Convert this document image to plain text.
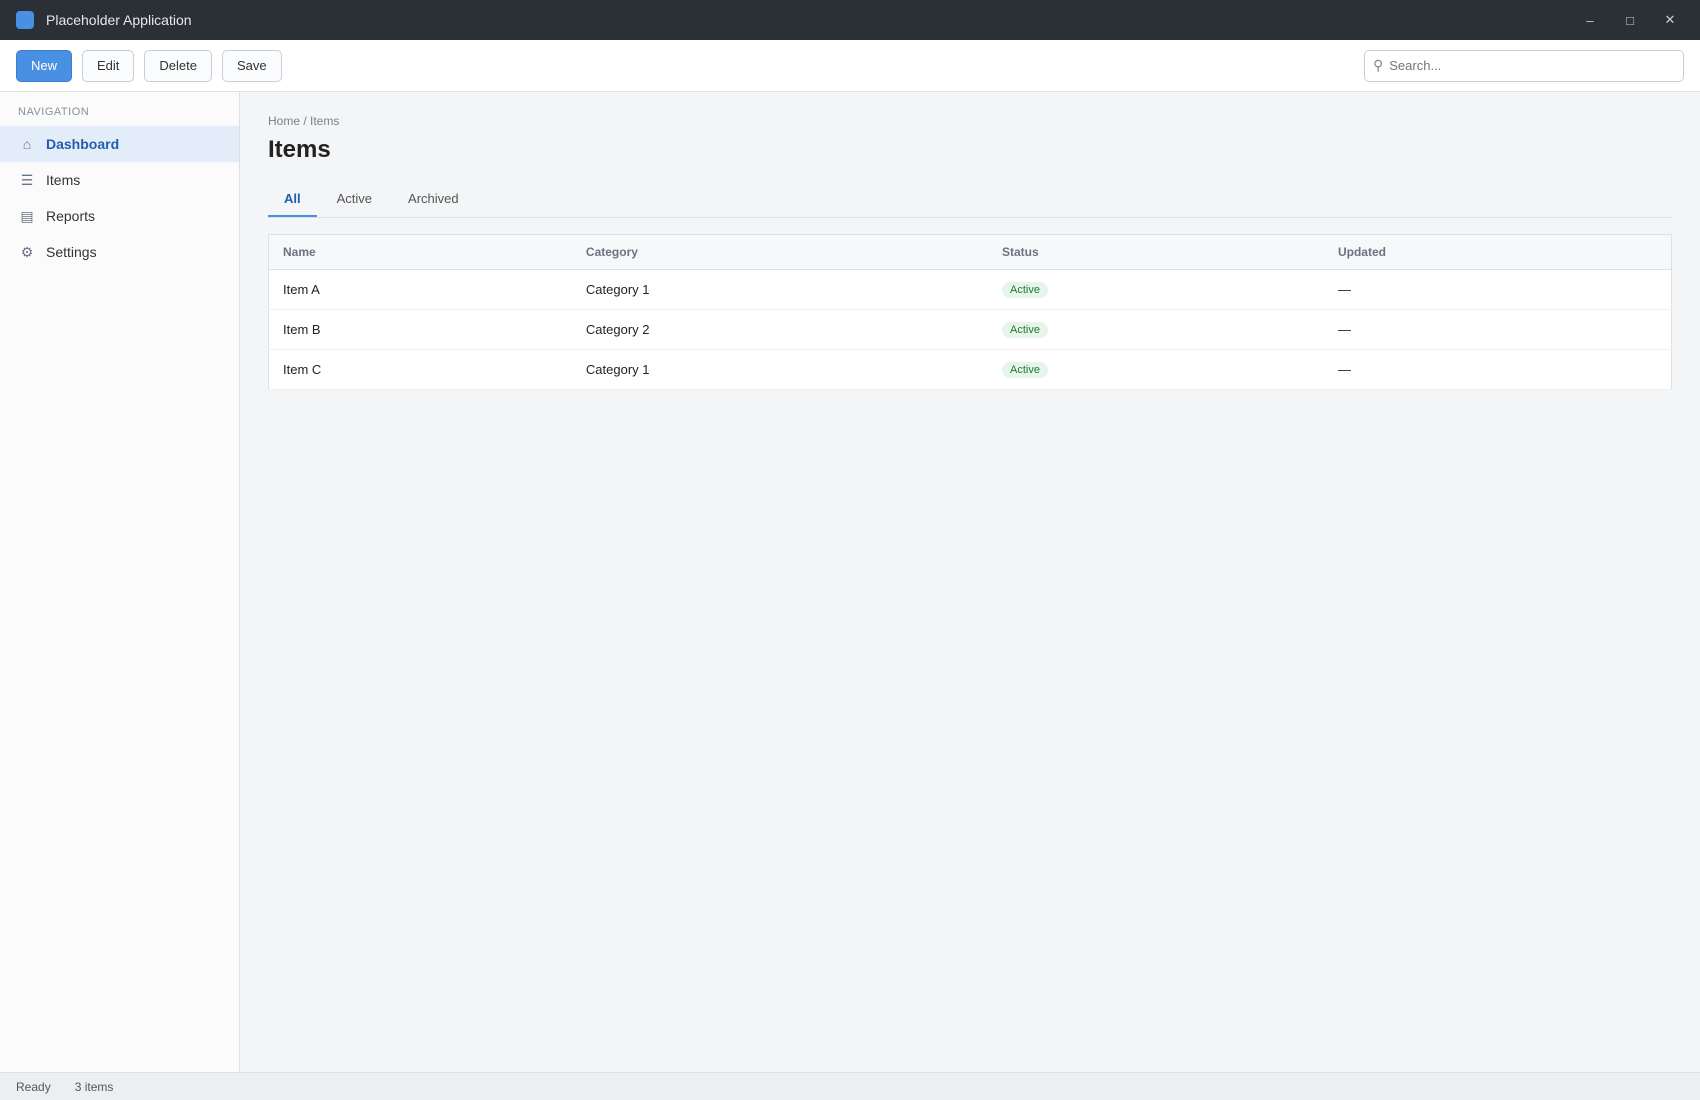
Placeholder Application	–	□	✕
New	Edit	Delete	Save	⚲
Search...
NAVIGATION
⌂	Dashboard
☰ Items
▤ Reports
⚙ Settings
Home / Items
Items
All	Active	Archived
Name	Category	Status	Updated
Item A	Category 1	Active	—
Item B	Category 2	Active	—
Item C	Category 1	Active	—
Ready 3 items
